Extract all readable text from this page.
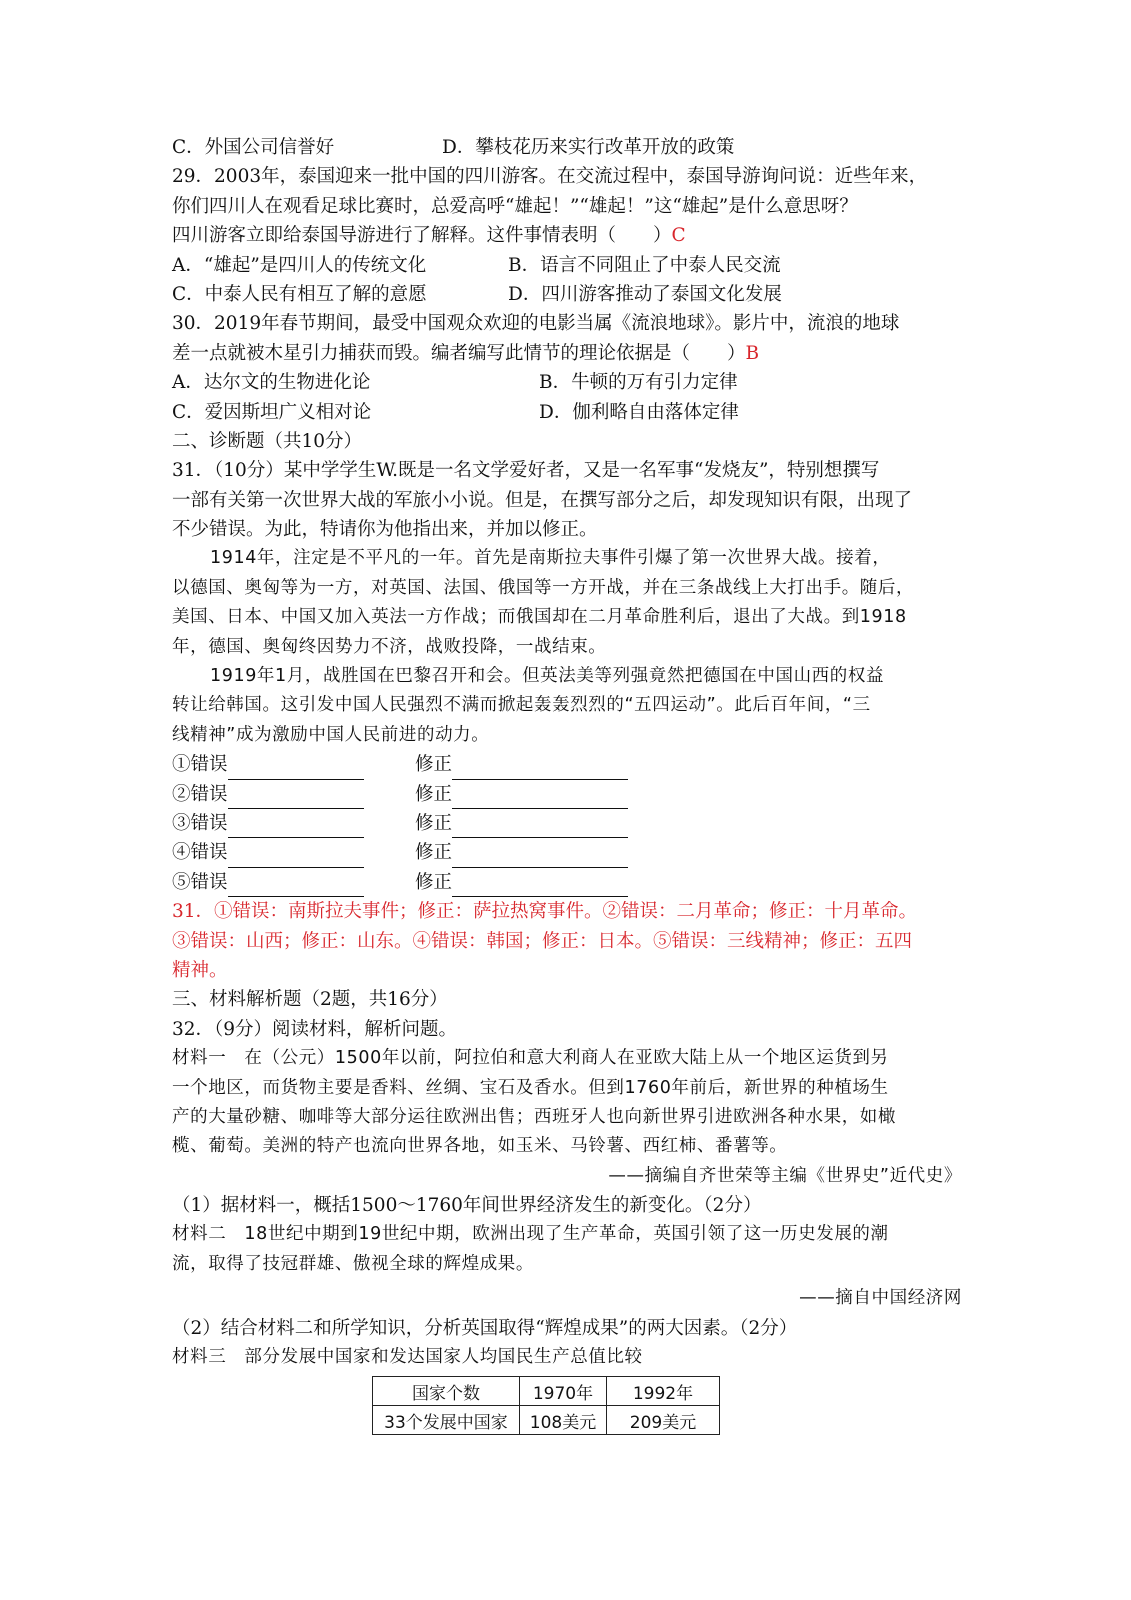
C．外国公司信誉好	D．攀枝花历来实行改革开放的政策
29．2003年，泰国迎来一批中国的四川游客。在交流过程中，泰国导游询问说：近些年来，
你们四川人在观看足球比赛时，总爱高呼“雄起！”“雄起！”这“雄起”是什么意思呀？
四川游客立即给泰国导游进行了解释。这件事情表明（　　）C
A．“雄起”是四川人的传统文化	B．语言不同阻止了中泰人民交流
C．中泰人民有相互了解的意愿	D．四川游客推动了泰国文化发展
30．2019年春节期间，最受中国观众欢迎的电影当属《流浪地球》。影片中，流浪的地球
差一点就被木星引力捕获而毁。编者编写此情节的理论依据是（　　）B
A．达尔文的生物进化论	B．牛顿的万有引力定律
C．爱因斯坦广义相对论	D．伽利略自由落体定律
二、诊断题（共10分）
31．（10分）某中学学生W.既是一名文学爱好者，又是一名军事“发烧友”，特别想撰写
一部有关第一次世界大战的军旅小小说。但是，在撰写部分之后，却发现知识有限，出现了
不少错误。为此，特请你为他指出来，并加以修正。
1914年，注定是不平凡的一年。首先是南斯拉夫事件引爆了第一次世界大战。接着，
以德国、奥匈等为一方，对英国、法国、俄国等一方开战，并在三条战线上大打出手。随后，
美国、日本、中国又加入英法一方作战；而俄国却在二月革命胜利后，退出了大战。到1918
年，德国、奥匈终因势力不济，战败投降，一战结束。
1919年1月，战胜国在巴黎召开和会。但英法美等列强竟然把德国在中国山西的权益
转让给韩国。这引发中国人民强烈不满而掀起轰轰烈烈的“五四运动”。此后百年间，“三
线精神”成为激励中国人民前进的动力。
①错误	修正
②错误	修正
③错误	修正
④错误	修正
⑤错误	修正
31．①错误：南斯拉夫事件；修正：萨拉热窝事件。②错误：二月革命；修正：十月革命。
③错误：山西；修正：山东。④错误：韩国；修正：日本。⑤错误：三线精神；修正：五四
精神。
三、材料解析题（2题，共16分）
32．（9分）阅读材料，解析问题。
材料一　在（公元）1500年以前，阿拉伯和意大利商人在亚欧大陆上从一个地区运货到另
一个地区，而货物主要是香料、丝绸、宝石及香水。但到1760年前后，新世界的种植场生
产的大量砂糖、咖啡等大部分运往欧洲出售；西班牙人也向新世界引进欧洲各种水果，如橄
榄、葡萄。美洲的特产也流向世界各地，如玉米、马铃薯、西红柿、番薯等。
——摘编自齐世荣等主编《世界史”近代史》
（1）据材料一，概括1500～1760年间世界经济发生的新变化。（2分）
材料二　18世纪中期到19世纪中期，欧洲出现了生产革命，英国引领了这一历史发展的潮
流，取得了技冠群雄、傲视全球的辉煌成果。
——摘自中国经济网
（2）结合材料二和所学知识，分析英国取得“辉煌成果”的两大因素。（2分）
材料三　部分发展中国家和发达国家人均国民生产总值比较
国家个数	1970年	1992年
33个发展中国家	108美元	209美元
